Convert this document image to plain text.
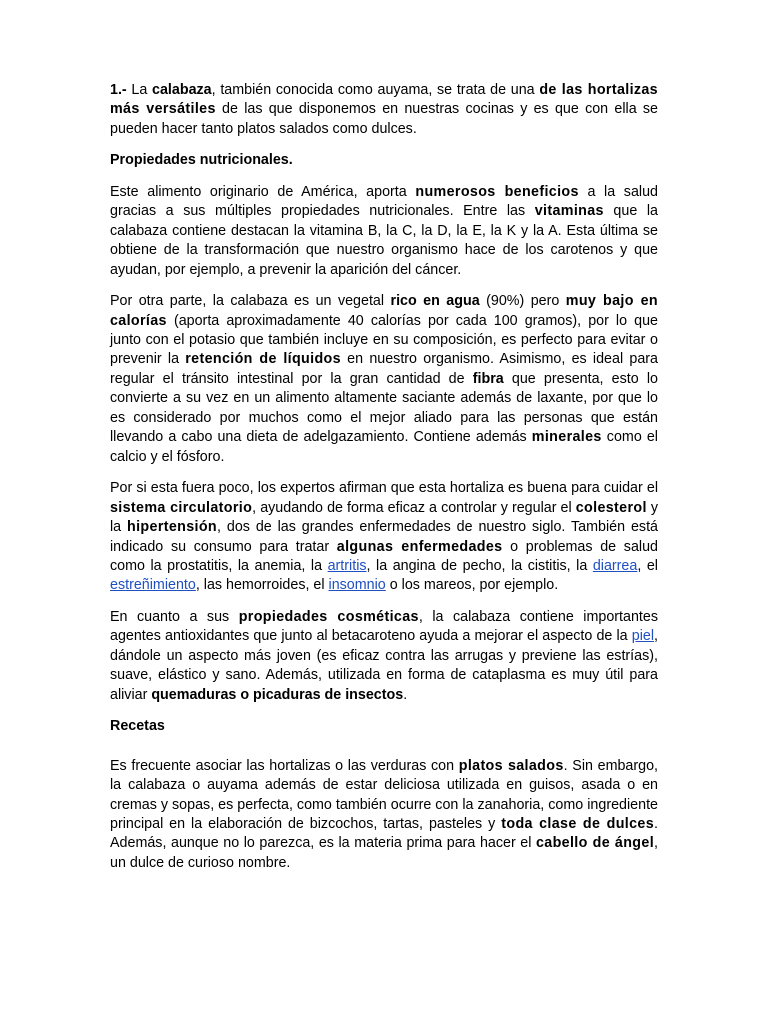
1.- La calabaza, también conocida como auyama, se trata de una de las hortalizas más versátiles de las que disponemos en nuestras cocinas y es que con ella se pueden hacer tanto platos salados como dulces.

Propiedades nutricionales.

Este alimento originario de América, aporta numerosos beneficios a la salud gracias a sus múltiples propiedades nutricionales. Entre las vitaminas que la calabaza contiene destacan la vitamina B, la C, la D, la E, la K y la A. Esta última se obtiene de la transformación que nuestro organismo hace de los carotenos y que ayudan, por ejemplo, a prevenir la aparición del cáncer.

Por otra parte, la calabaza es un vegetal rico en agua (90%) pero muy bajo en calorías (aporta aproximadamente 40 calorías por cada 100 gramos), por lo que junto con el potasio que también incluye en su composición, es perfecto para evitar o prevenir la retención de líquidos en nuestro organismo. Asimismo, es ideal para regular el tránsito intestinal por la gran cantidad de fibra que presenta, esto lo convierte a su vez en un alimento altamente saciante además de laxante, por que lo es considerado por muchos como el mejor aliado para las personas que están llevando a cabo una dieta de adelgazamiento. Contiene además minerales como el calcio y el fósforo.

Por si esta fuera poco, los expertos afirman que esta hortaliza es buena para cuidar el sistema circulatorio, ayudando de forma eficaz a controlar y regular el colesterol y la hipertensión, dos de las grandes enfermedades de nuestro siglo. También está indicado su consumo para tratar algunas enfermedades o problemas de salud como la prostatitis, la anemia, la artritis, la angina de pecho, la cistitis, la diarrea, el estreñimiento, las hemorroides, el insomnio o los mareos, por ejemplo.

En cuanto a sus propiedades cosméticas, la calabaza contiene importantes agentes antioxidantes que junto al betacaroteno ayuda a mejorar el aspecto de la piel, dándole un aspecto más joven (es eficaz contra las arrugas y previene las estrías), suave, elástico y sano. Además, utilizada en forma de cataplasma es muy útil para aliviar quemaduras o picaduras de insectos.

Recetas

Es frecuente asociar las hortalizas o las verduras con platos salados. Sin embargo, la calabaza o auyama además de estar deliciosa utilizada en guisos, asada o en cremas y sopas, es perfecta, como también ocurre con la zanahoria, como ingrediente principal en la elaboración de bizcochos, tartas, pasteles y toda clase de dulces. Además, aunque no lo parezca, es la materia prima para hacer el cabello de ángel, un dulce de curioso nombre.
